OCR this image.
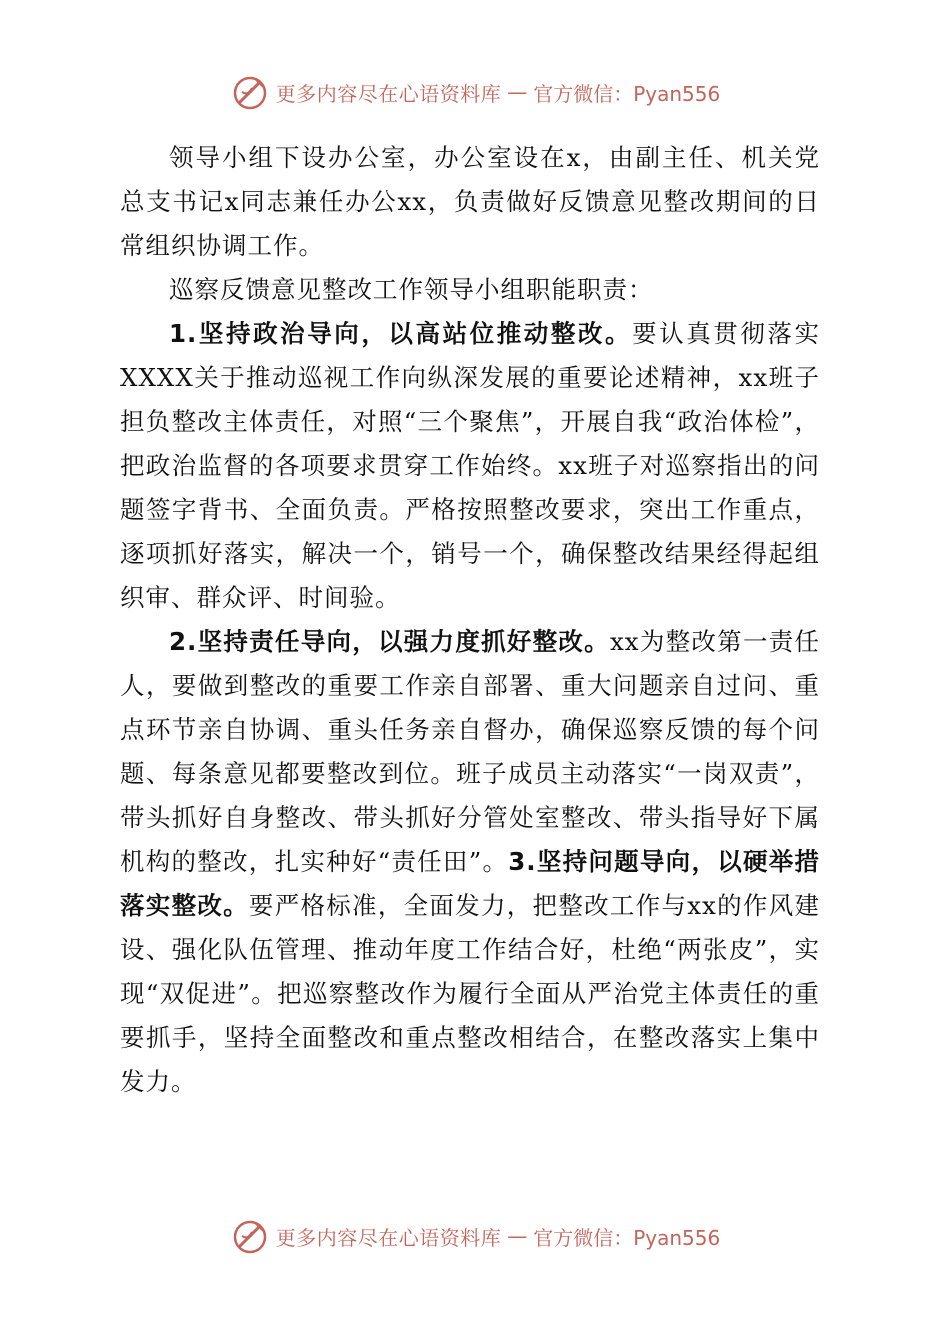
更多内容尽在心语资料库 — 官方微信：Pyan556

领导小组下设办公室，办公室设在x，由副主任、机关党总支书记x同志兼任办公xx，负责做好反馈意见整改期间的日常组织协调工作。

巡察反馈意见整改工作领导小组职能职责：

1.坚持政治导向，以高站位推动整改。要认真贯彻落实XXXX关于推动巡视工作向纵深发展的重要论述精神，xx班子担负整改主体责任，对照“三个聚焦”，开展自我“政治体检”，把政治监督的各项要求贯穿工作始终。xx班子对巡察指出的问题签字背书、全面负责。严格按照整改要求，突出工作重点，逐项抓好落实，解决一个，销号一个，确保整改结果经得起组织审、群众评、时间验。

2.坚持责任导向，以强力度抓好整改。xx为整改第一责任人，要做到整改的重要工作亲自部署、重大问题亲自过问、重点环节亲自协调、重头任务亲自督办，确保巡察反馈的每个问题、每条意见都要整改到位。班子成员主动落实“一岗双责”，带头抓好自身整改、带头抓好分管处室整改、带头指导好下属机构的整改，扎实种好“责任田”。3.坚持问题导向，以硬举措落实整改。要严格标准，全面发力，把整改工作与xx的作风建设、强化队伍管理、推动年度工作结合好，杜绝“两张皮”，实现“双促进”。把巡察整改作为履行全面从严治党主体责任的重要抓手，坚持全面整改和重点整改相结合，在整改落实上集中发力。

更多内容尽在心语资料库 — 官方微信：Pyan556
